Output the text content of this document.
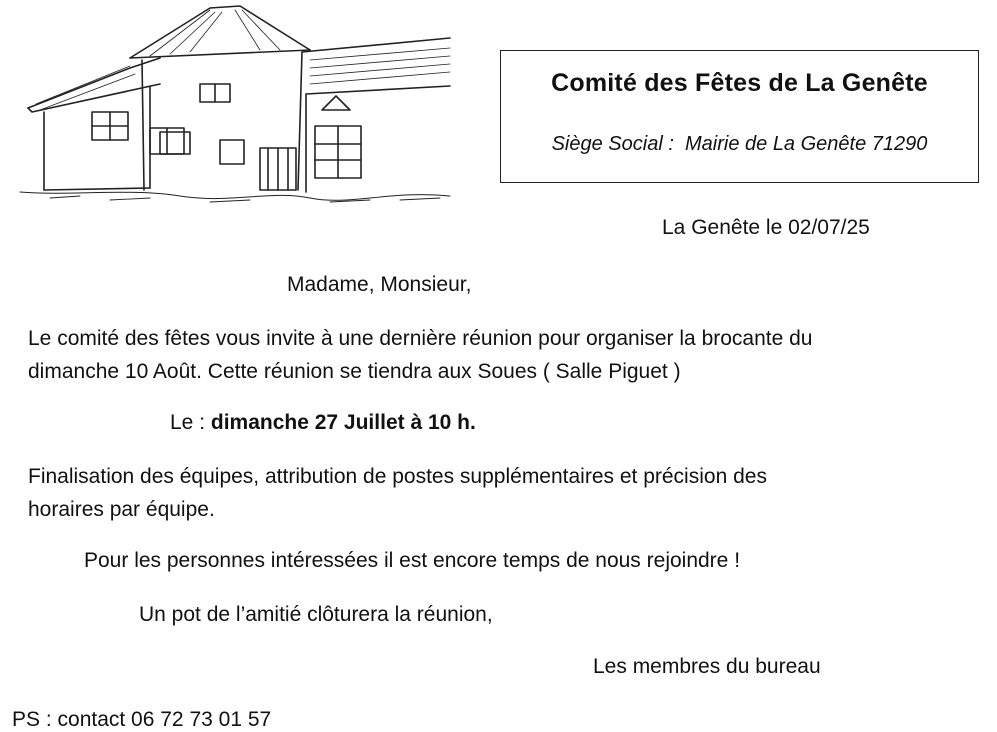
Comité des Fêtes de La Genête
Siège Social : Mairie de La Genête 71290
La Genête le 02/07/25
Madame, Monsieur,
Le comité des fêtes vous invite à une dernière réunion pour organiser la brocante du
dimanche 10 Août. Cette réunion se tiendra aux Soues ( Salle Piguet )
Le : dimanche 27 Juillet à 10 h.
Finalisation des équipes, attribution de postes supplémentaires et précision des
horaires par équipe.
Pour les personnes intéressées il est encore temps de nous rejoindre !
Un pot de l’amitié clôturera la réunion,
Les membres du bureau
PS : contact 06 72 73 01 57
